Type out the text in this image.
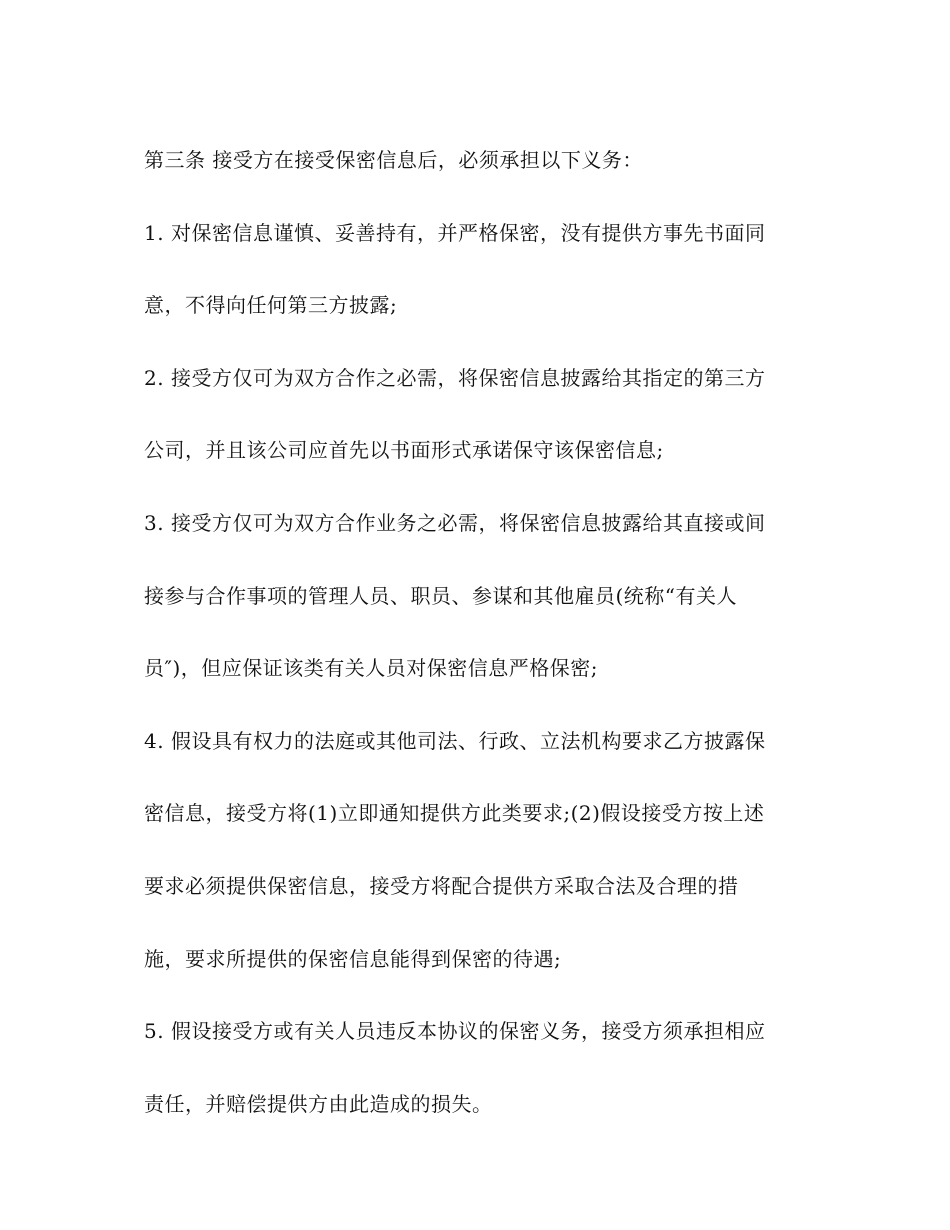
第三条 接受方在接受保密信息后，必须承担以下义务：
1. 对保密信息谨慎、妥善持有，并严格保密，没有提供方事先书面同
意，不得向任何第三方披露;
2. 接受方仅可为双方合作之必需，将保密信息披露给其指定的第三方
公司，并且该公司应首先以书面形式承诺保守该保密信息;
3. 接受方仅可为双方合作业务之必需，将保密信息披露给其直接或间
接参与合作事项的管理人员、职员、参谋和其他雇员(统称“有关人
员″)，但应保证该类有关人员对保密信息严格保密;
4. 假设具有权力的法庭或其他司法、行政、立法机构要求乙方披露保
密信息，接受方将(1)立即通知提供方此类要求;(2)假设接受方按上述
要求必须提供保密信息，接受方将配合提供方采取合法及合理的措
施，要求所提供的保密信息能得到保密的待遇;
5. 假设接受方或有关人员违反本协议的保密义务，接受方须承担相应
责任，并赔偿提供方由此造成的损失。
